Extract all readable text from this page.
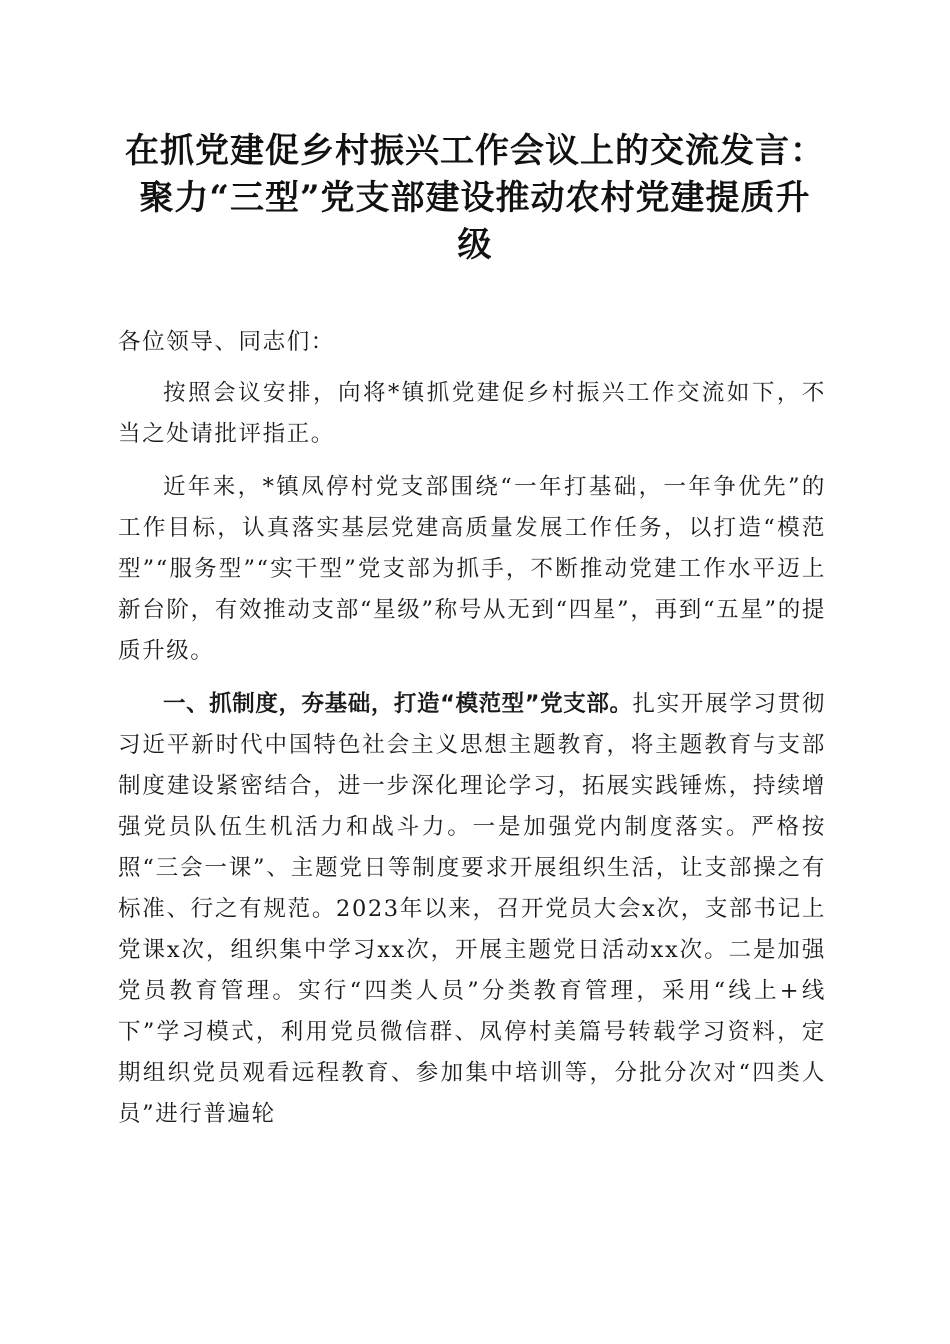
在抓党建促乡村振兴工作会议上的交流发言：
聚力“三型”党支部建设推动农村党建提质升
级

各位领导、同志们：

按照会议安排，向将*镇抓党建促乡村振兴工作交流如下，不当之处请批评指正。

近年来，*镇凤停村党支部围绕“一年打基础，一年争优先”的工作目标，认真落实基层党建高质量发展工作任务，以打造“模范型”“服务型”“实干型”党支部为抓手，不断推动党建工作水平迈上新台阶，有效推动支部“星级”称号从无到“四星”，再到“五星”的提质升级。

一、抓制度，夯基础，打造“模范型”党支部。扎实开展学习贯彻习近平新时代中国特色社会主义思想主题教育，将主题教育与支部制度建设紧密结合，进一步深化理论学习，拓展实践锤炼，持续增强党员队伍生机活力和战斗力。一是加强党内制度落实。严格按照“三会一课”、主题党日等制度要求开展组织生活，让支部操之有标准、行之有规范。2023年以来，召开党员大会x次，支部书记上党课x次，组织集中学习xx次，开展主题党日活动xx次。二是加强党员教育管理。实行“四类人员”分类教育管理，采用“线上+线下”学习模式，利用党员微信群、凤停村美篇号转载学习资料，定期组织党员观看远程教育、参加集中培训等，分批分次对“四类人员”进行普遍轮
